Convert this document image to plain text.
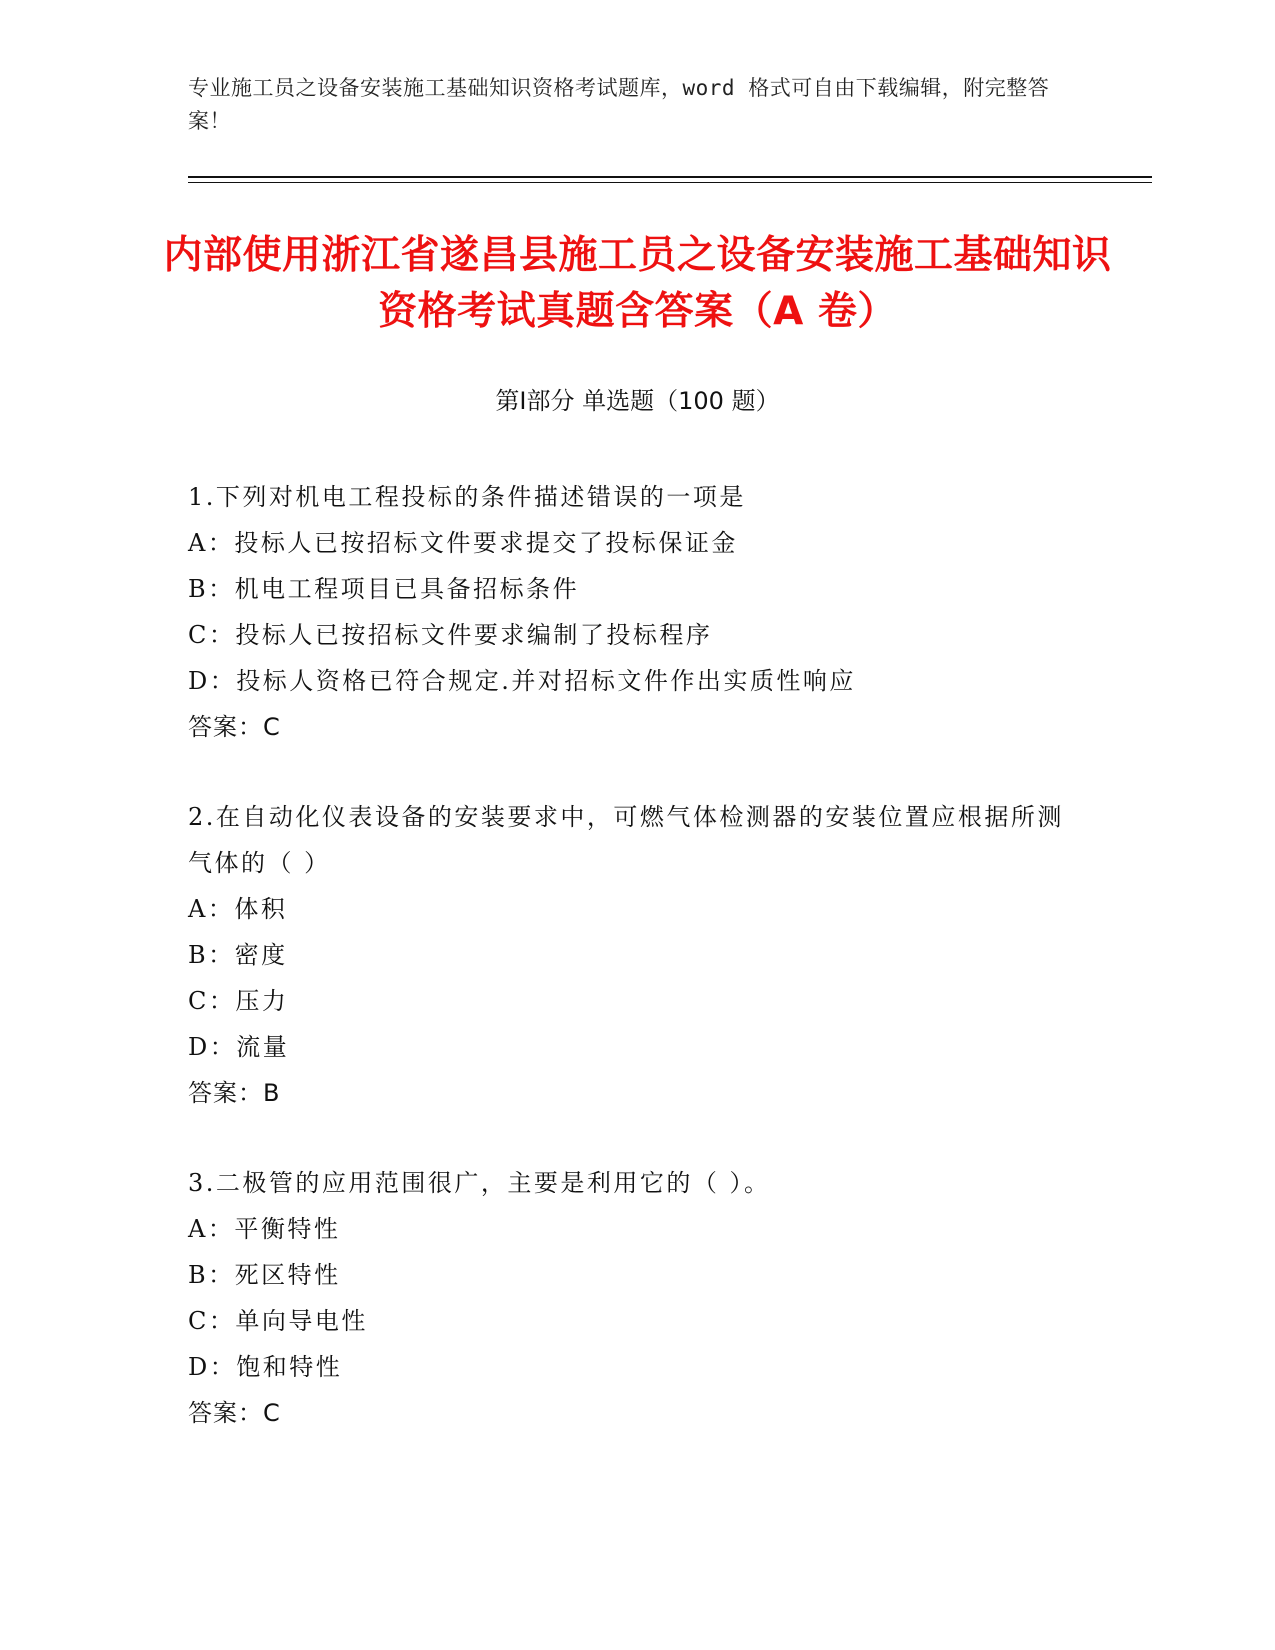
专业施工员之设备安装施工基础知识资格考试题库，word 格式可自由下载编辑，附完整答案！
内部使用浙江省遂昌县施工员之设备安装施工基础知识资格考试真题含答案（A 卷）
第Ⅰ部分 单选题（100 题）
1.下列对机电工程投标的条件描述错误的一项是
A：投标人已按招标文件要求提交了投标保证金
B：机电工程项目已具备招标条件
C：投标人已按招标文件要求编制了投标程序
D：投标人资格已符合规定.并对招标文件作出实质性响应
答案：C
2.在自动化仪表设备的安装要求中，可燃气体检测器的安装位置应根据所测气体的（ ）
A：体积
B：密度
C：压力
D：流量
答案：B
3.二极管的应用范围很广，主要是利用它的（ ）。
A：平衡特性
B：死区特性
C：单向导电性
D：饱和特性
答案：C
